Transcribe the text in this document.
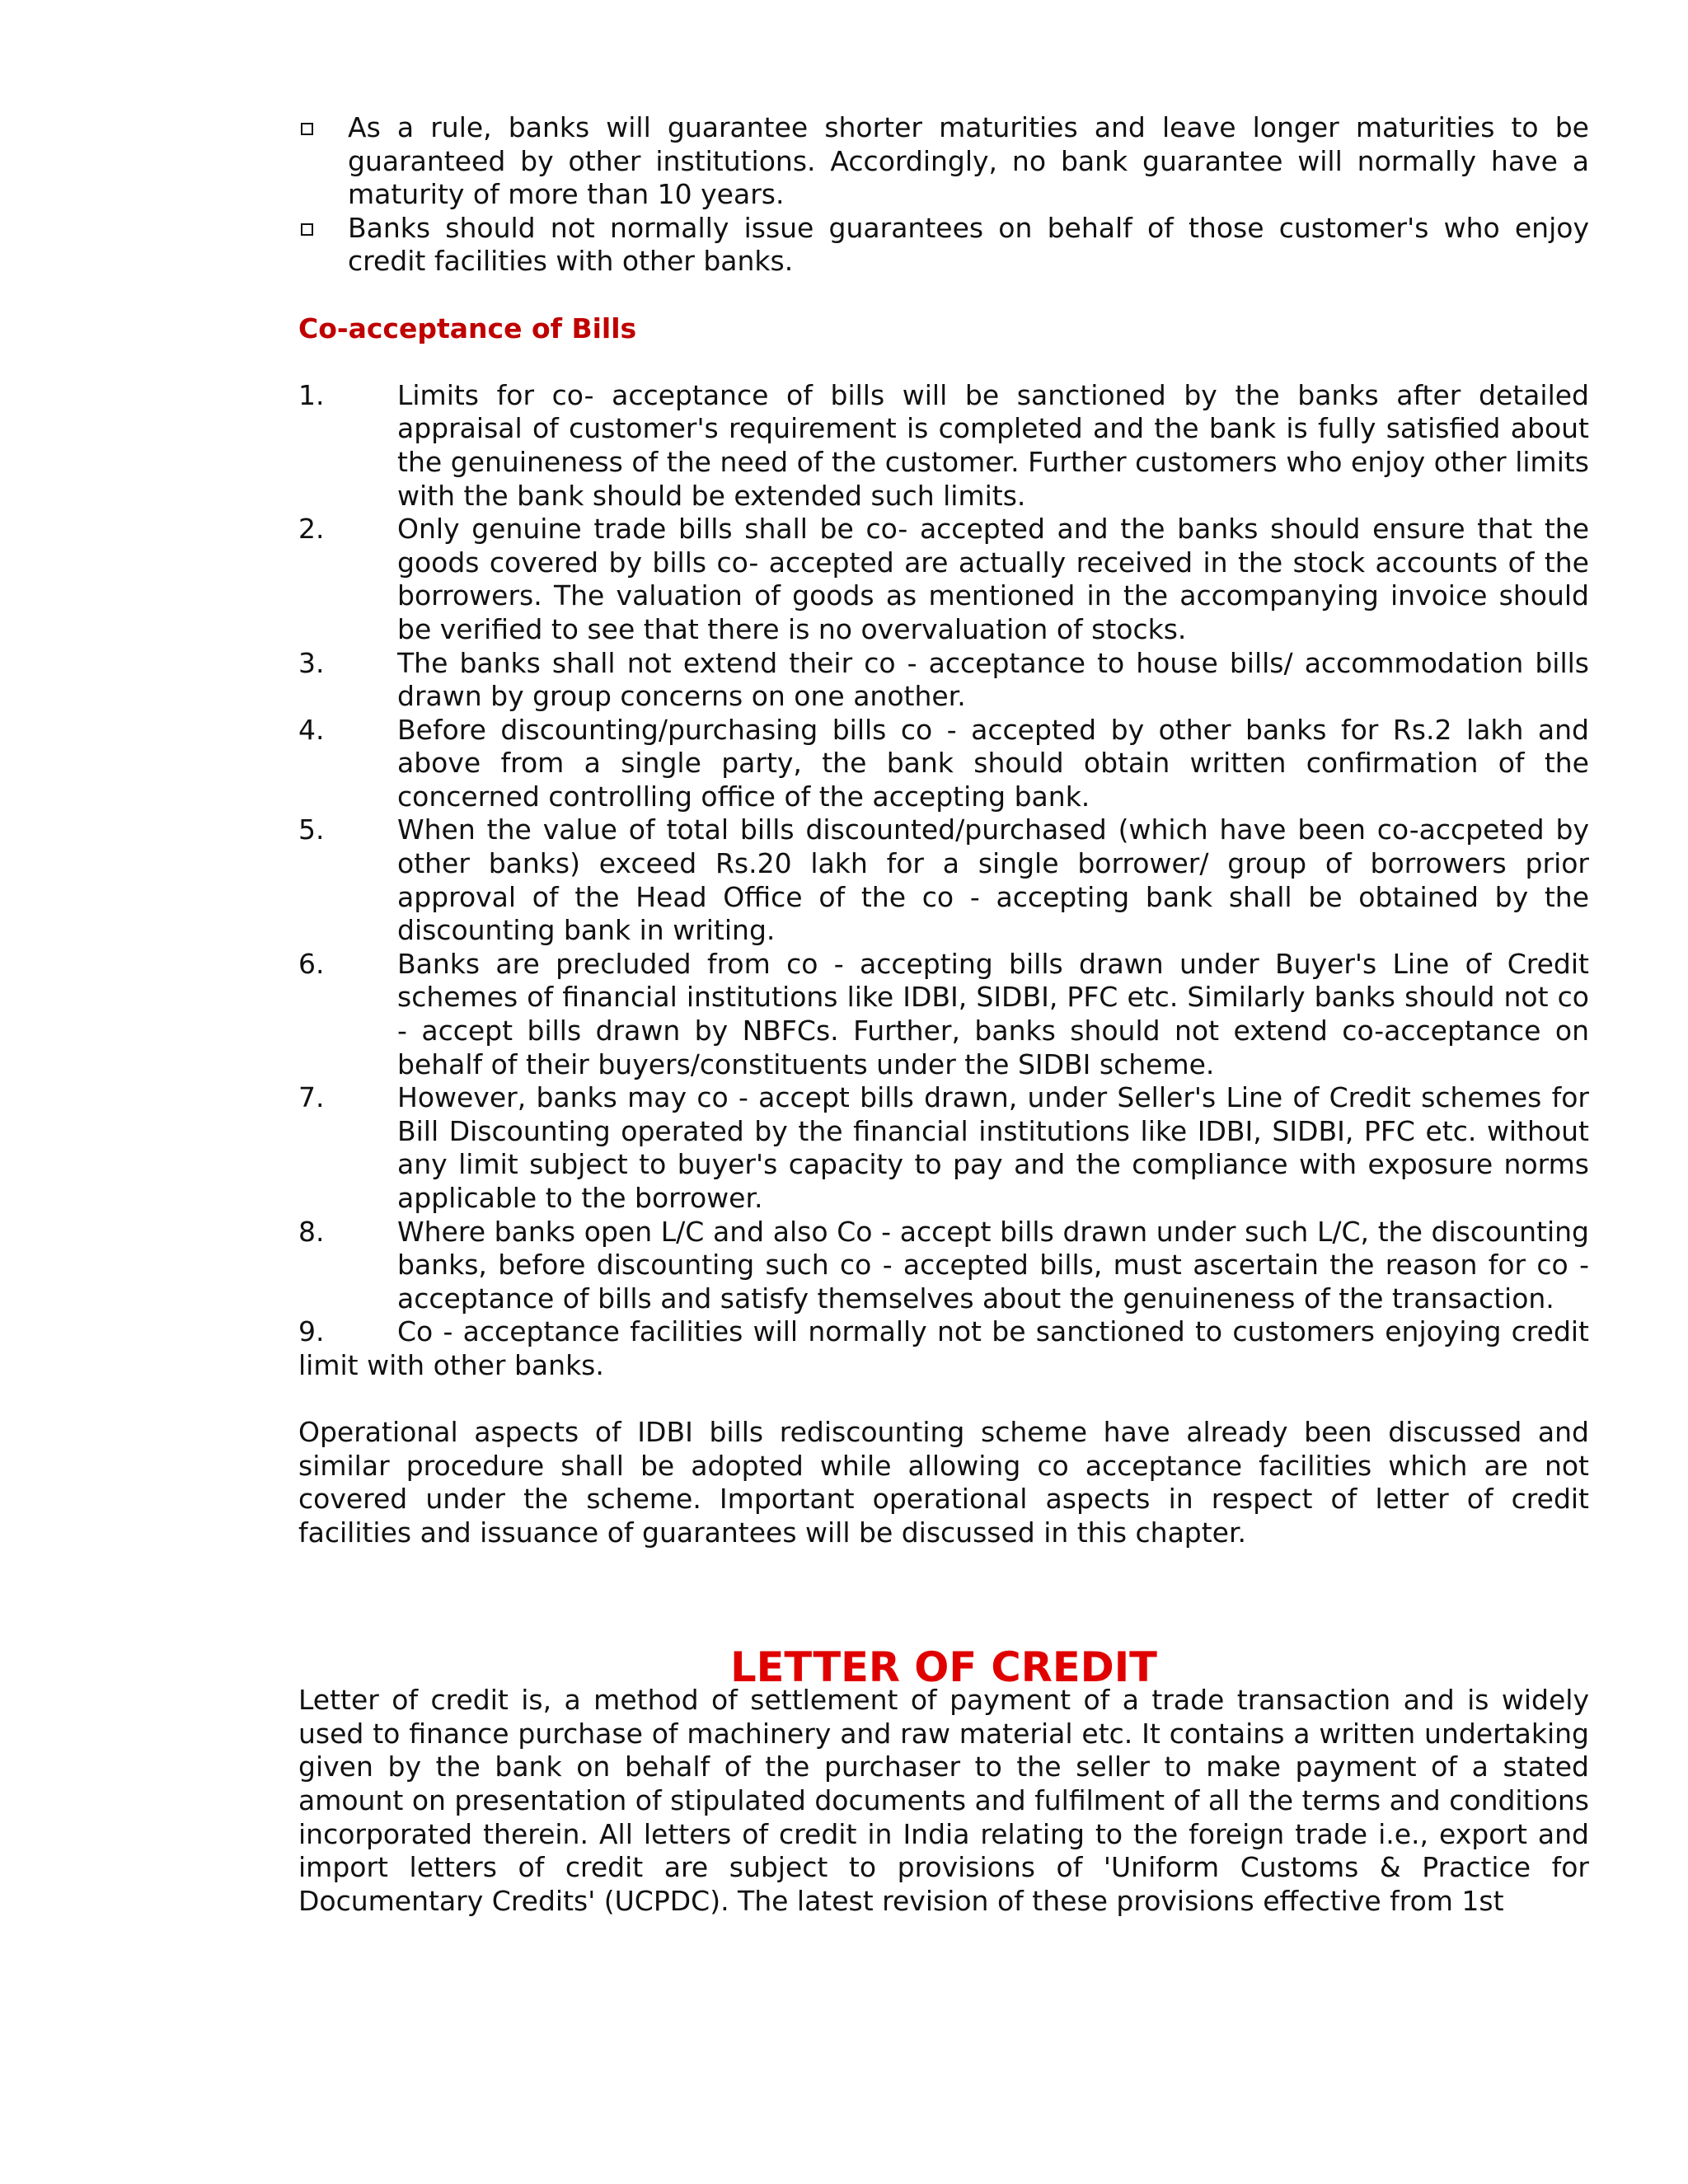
As a rule, banks will guarantee shorter maturities and leave longer maturities to be guaranteed by other institutions. Accordingly, no bank guarantee will normally have a maturity of more than 10 years.

Banks should not normally issue guarantees on behalf of those customer's who enjoy credit facilities with other banks.

Co-acceptance of Bills
1.	Limits for co- acceptance of bills will be sanctioned by the banks after detailed appraisal of customer's requirement is completed and the bank is fully satisfied about the genuineness of the need of the customer. Further customers who enjoy other limits with the bank should be extended such limits.

2.	Only genuine trade bills shall be co- accepted and the banks should ensure that the goods covered by bills co- accepted are actually received in the stock accounts of the borrowers. The valuation of goods as mentioned in the accompanying invoice should be verified to see that there is no overvaluation of stocks.

3.	The banks shall not extend their co - acceptance to house bills/ accommodation bills drawn by group concerns on one another.

4.	Before discounting/purchasing bills co - accepted by other banks for Rs.2 lakh and above from a single party, the bank should obtain written confirmation of the concerned controlling office of the accepting bank.

5.	When the value of total bills discounted/purchased (which have been co-accpeted by other banks) exceed Rs.20 lakh for a single borrower/ group of borrowers prior approval of the Head Office of the co - accepting bank shall be obtained by the discounting bank in writing.

6.	Banks are precluded from co - accepting bills drawn under Buyer's Line of Credit schemes of financial institutions like IDBI, SIDBI, PFC etc. Similarly banks should not co - accept bills drawn by NBFCs. Further, banks should not extend co-acceptance on behalf of their buyers/constituents under the SIDBI scheme.

7.	However, banks may co - accept bills drawn, under Seller's Line of Credit schemes for Bill Discounting operated by the financial institutions like IDBI, SIDBI, PFC etc. without any limit subject to buyer's capacity to pay and the compliance with exposure norms applicable to the borrower.

8.	Where banks open L/C and also Co - accept bills drawn under such L/C, the discounting banks, before discounting such co - accepted bills, must ascertain the reason for co - acceptance of bills and satisfy themselves about the genuineness of the transaction.

9.	Co - acceptance facilities will normally not be sanctioned to customers enjoying credit limit with other banks.

Operational aspects of IDBI bills rediscounting scheme have already been discussed and similar procedure shall be adopted while allowing co acceptance facilities which are not covered under the scheme. Important operational aspects in respect of letter of credit facilities and issuance of guarantees will be discussed in this chapter.

LETTER OF CREDIT

Letter of credit is, a method of settlement of payment of a trade transaction and is widely used to finance purchase of machinery and raw material etc. It contains a written undertaking given by the bank on behalf of the purchaser to the seller to make payment of a stated amount on presentation of stipulated documents and fulfilment of all the terms and conditions incorporated therein. All letters of credit in India relating to the foreign trade i.e., export and import letters of credit are subject to provisions of 'Uniform Customs & Practice for Documentary Credits' (UCPDC). The latest revision of these provisions effective from 1st
